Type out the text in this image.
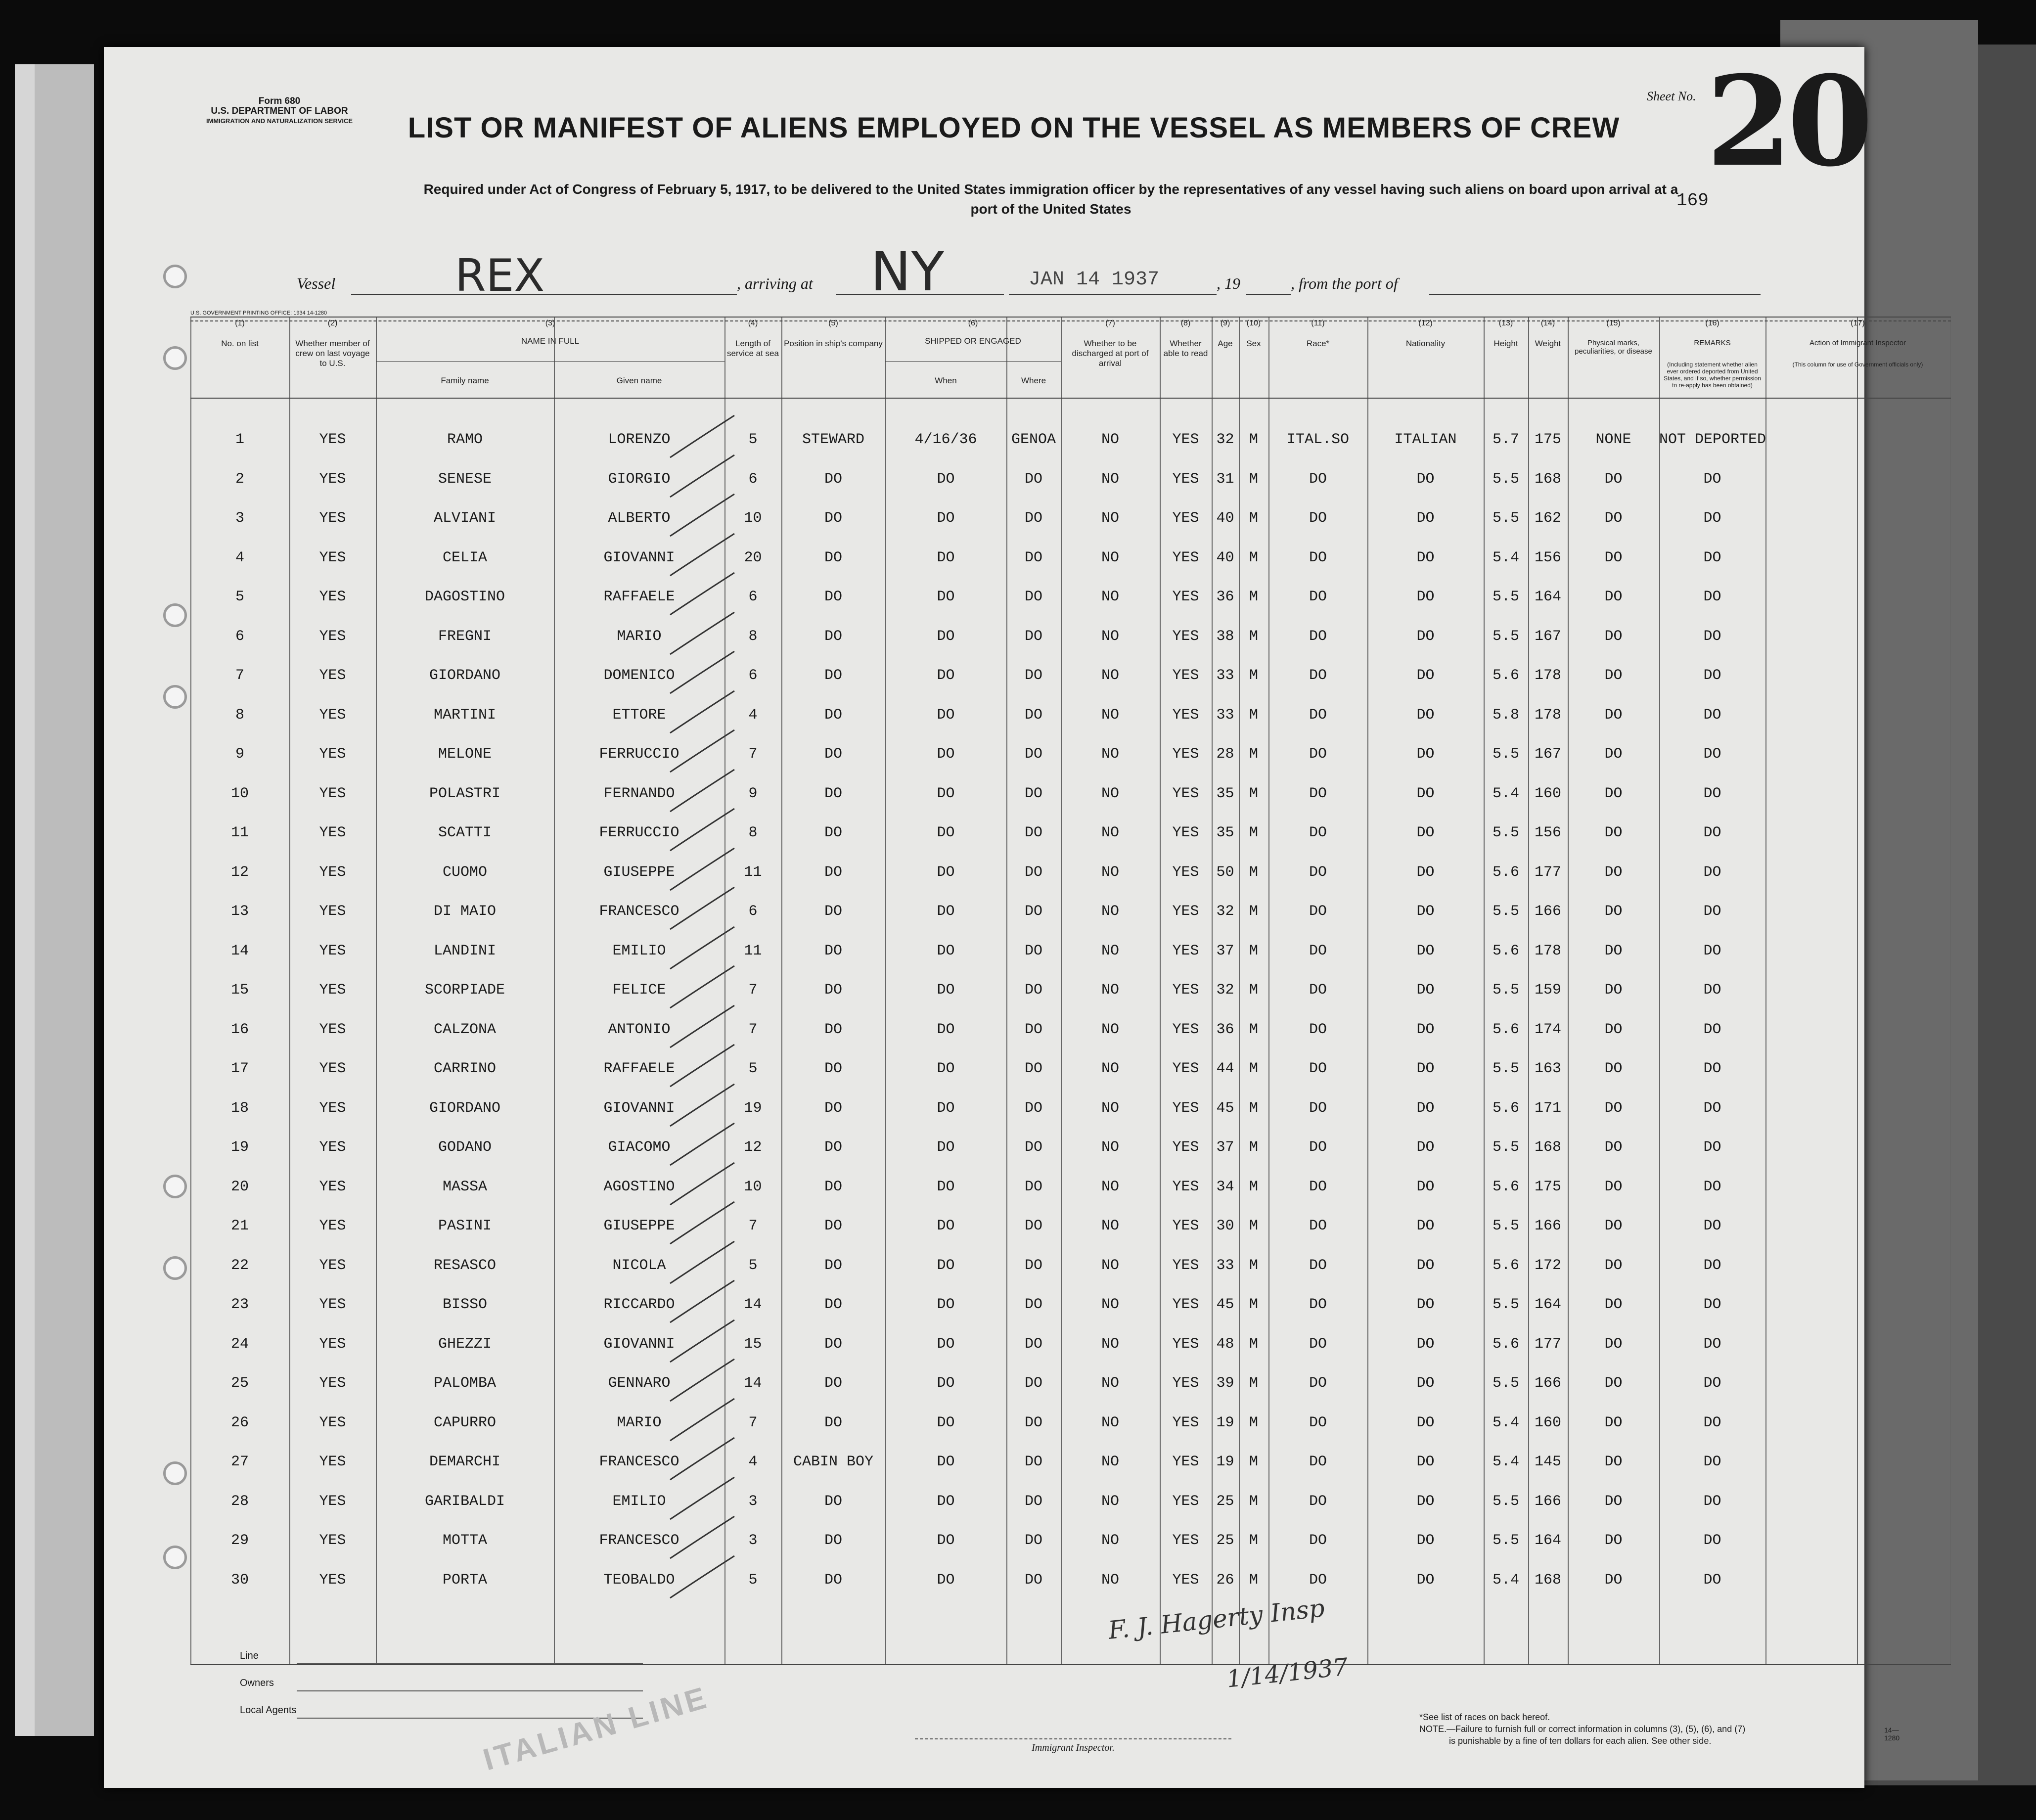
Form 680
U.S. DEPARTMENT OF LABOR
IMMIGRATION AND NATURALIZATION SERVICE
Sheet No. 20
169
LIST OR MANIFEST OF ALIENS EMPLOYED ON THE VESSEL AS MEMBERS OF CREW
Required under Act of Congress of February 5, 1917, to be delivered to the United States immigration officer by the representatives of any vessel having such aliens on board upon arrival at a
port of the United States
Vessel	REX	, arriving at NY	JAN 14 1937	, 19	, from the port of
U.S. GOVERNMENT PRINTING OFFICE: 1934 14-1280
(1)
No. on list
(2)
Whether member of crew on last voyage to U.S.
(3)
NAME IN FULL
Family name	Given name
(4)
Length of service at sea
(5)
Position in ship's company
(6)
SHIPPED OR ENGAGED
When	Where
(7)
Whether to be discharged at port of arrival
(8)
Whether able to read
(9)
Age
(10)
Sex
(11)
Race*
(12)
Nationality
(13)
Height
(14)
Weight
(15)
Physical marks, peculiarities, or disease
(16)
REMARKS
(Including statement whether alien ever ordered deported from United States, and if so, whether permission to re-apply has been obtained)
(17)
Action of Immigrant Inspector
(This column for use of Government officials only)
1	YES	RAMO	LORENZO	5	STEWARD	4/16/36	GENOA	NO	YES	32	M	ITAL.SO	ITALIAN	5.7	175	NONE	NOT DEPORTED
2	YES	SENESE	GIORGIO	6	DO	DO	DO	NO	YES	31	M	DO	DO	5.5	168	DO	DO
3	YES	ALVIANI	ALBERTO	10	DO	DO	DO	NO	YES	40	M	DO	DO	5.5	162	DO	DO
4	YES	CELIA	GIOVANNI	20	DO	DO	DO	NO	YES	40	M	DO	DO	5.4	156	DO	DO
5	YES	DAGOSTINO	RAFFAELE	6	DO	DO	DO	NO	YES	36	M	DO	DO	5.5	164	DO	DO
6	YES	FREGNI	MARIO	8	DO	DO	DO	NO	YES	38	M	DO	DO	5.5	167	DO	DO
7	YES	GIORDANO	DOMENICO	6	DO	DO	DO	NO	YES	33	M	DO	DO	5.6	178	DO	DO
8	YES	MARTINI	ETTORE	4	DO	DO	DO	NO	YES	33	M	DO	DO	5.8	178	DO	DO
9	YES	MELONE	FERRUCCIO	7	DO	DO	DO	NO	YES	28	M	DO	DO	5.5	167	DO	DO
10	YES	POLASTRI	FERNANDO	9	DO	DO	DO	NO	YES	35	M	DO	DO	5.4	160	DO	DO
11	YES	SCATTI	FERRUCCIO	8	DO	DO	DO	NO	YES	35	M	DO	DO	5.5	156	DO	DO
12	YES	CUOMO	GIUSEPPE	11	DO	DO	DO	NO	YES	50	M	DO	DO	5.6	177	DO	DO
13	YES	DI MAIO	FRANCESCO	6	DO	DO	DO	NO	YES	32	M	DO	DO	5.5	166	DO	DO
14	YES	LANDINI	EMILIO	11	DO	DO	DO	NO	YES	37	M	DO	DO	5.6	178	DO	DO
15	YES	SCORPIADE	FELICE	7	DO	DO	DO	NO	YES	32	M	DO	DO	5.5	159	DO	DO
16	YES	CALZONA	ANTONIO	7	DO	DO	DO	NO	YES	36	M	DO	DO	5.6	174	DO	DO
17	YES	CARRINO	RAFFAELE	5	DO	DO	DO	NO	YES	44	M	DO	DO	5.5	163	DO	DO
18	YES	GIORDANO	GIOVANNI	19	DO	DO	DO	NO	YES	45	M	DO	DO	5.6	171	DO	DO
19	YES	GODANO	GIACOMO	12	DO	DO	DO	NO	YES	37	M	DO	DO	5.5	168	DO	DO
20	YES	MASSA	AGOSTINO	10	DO	DO	DO	NO	YES	34	M	DO	DO	5.6	175	DO	DO
21	YES	PASINI	GIUSEPPE	7	DO	DO	DO	NO	YES	30	M	DO	DO	5.5	166	DO	DO
22	YES	RESASCO	NICOLA	5	DO	DO	DO	NO	YES	33	M	DO	DO	5.6	172	DO	DO
23	YES	BISSO	RICCARDO	14	DO	DO	DO	NO	YES	45	M	DO	DO	5.5	164	DO	DO
24	YES	GHEZZI	GIOVANNI	15	DO	DO	DO	NO	YES	48	M	DO	DO	5.6	177	DO	DO
25	YES	PALOMBA	GENNARO	14	DO	DO	DO	NO	YES	39	M	DO	DO	5.5	166	DO	DO
26	YES	CAPURRO	MARIO	7	DO	DO	DO	NO	YES	19	M	DO	DO	5.4	160	DO	DO
27	YES	DEMARCHI	FRANCESCO	4	CABIN BOY	DO	DO	NO	YES	19	M	DO	DO	5.4	145	DO	DO
28	YES	GARIBALDI	EMILIO	3	DO	DO	DO	NO	YES	25	M	DO	DO	5.5	166	DO	DO
29	YES	MOTTA	FRANCESCO	3	DO	DO	DO	NO	YES	25	M	DO	DO	5.5	164	DO	DO
30	YES	PORTA	TEOBALDO	5	DO	DO	DO	NO	YES	26	M	DO	DO	5.4	168	DO	DO
Line
Owners
Local Agents	ITALIAN LINE
F. J. Hagerty Insp
1/14/1937
Immigrant Inspector.
*See list of races on back hereof.
NOTE.—Failure to furnish full or correct information in columns (3), (5), (6), and (7)
is punishable by a fine of ten dollars for each alien. See other side.
14—1280
